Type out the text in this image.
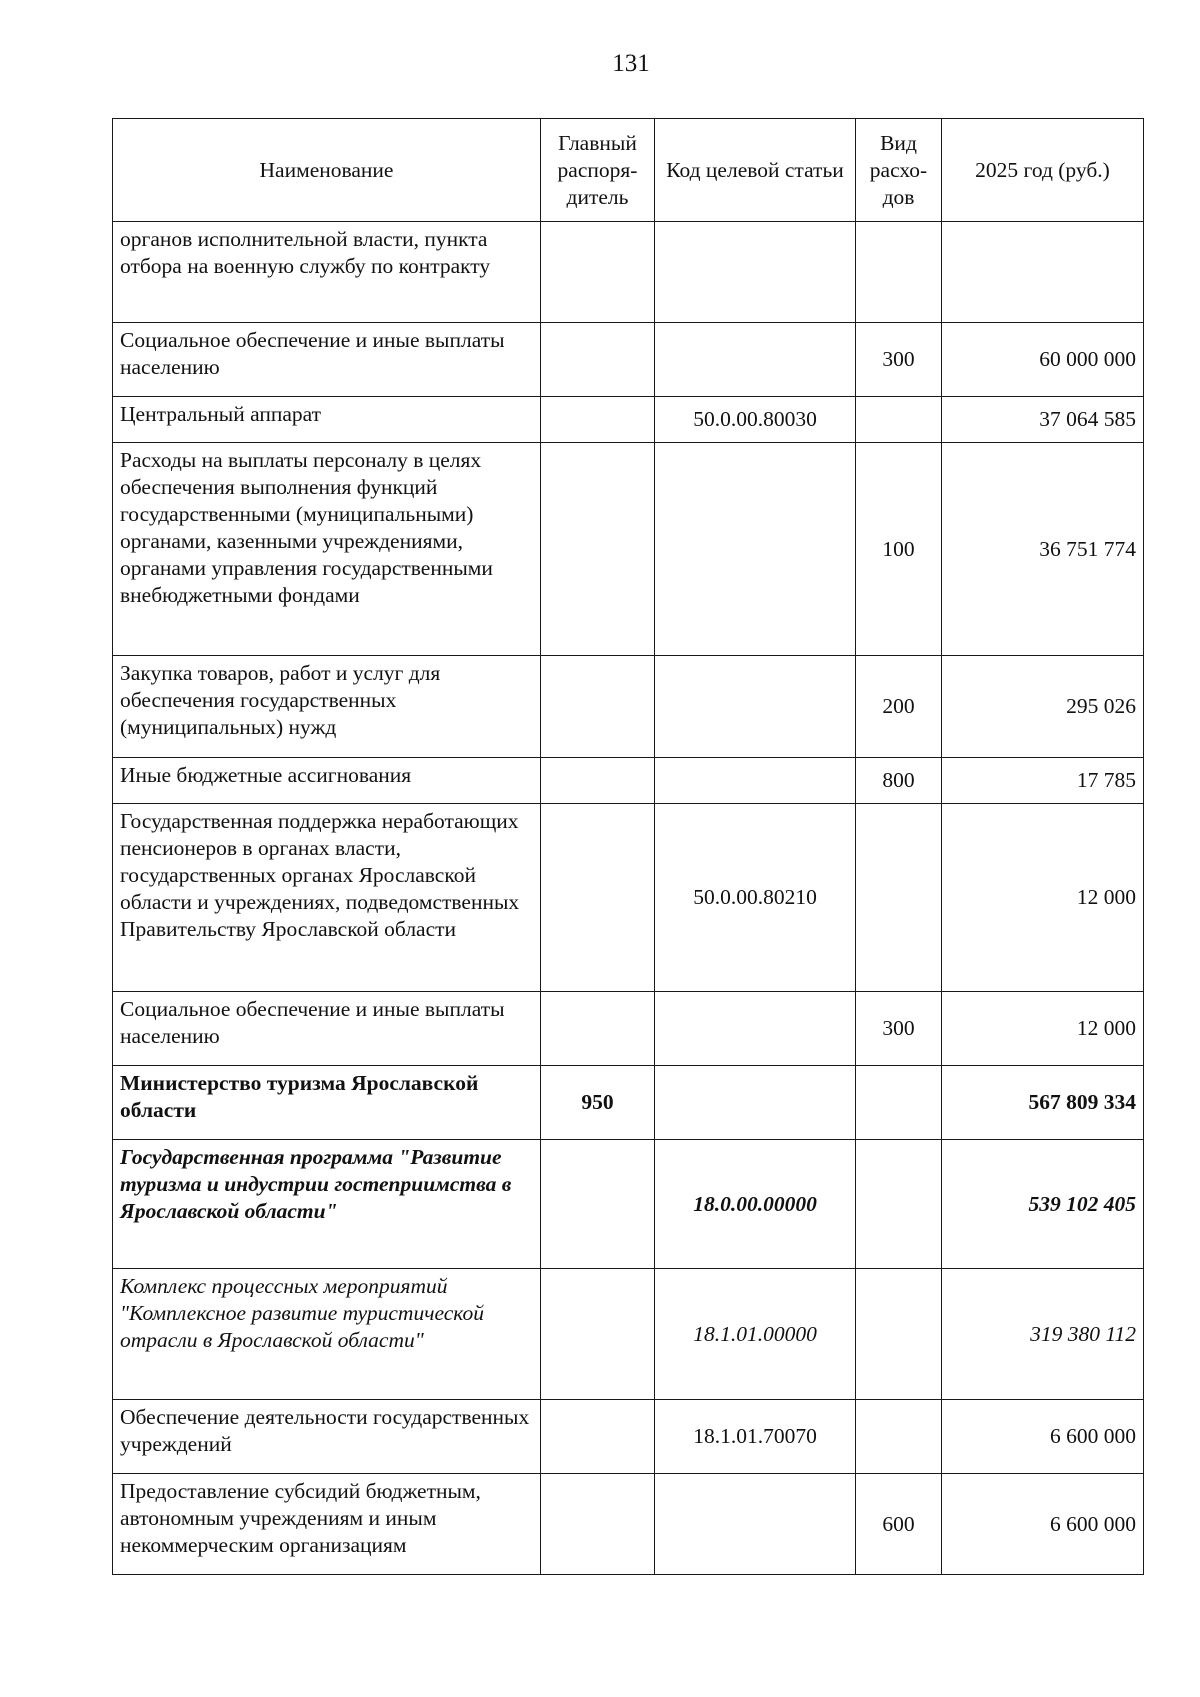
131
Наименование	Главный распоря-дитель	Код целевой статьи	Вид расхо-дов	2025 год (руб.)
органов исполнительной власти, пункта отбора на военную службу по контракту				
Социальное обеспечение и иные выплаты населению			300	60 000 000
Центральный аппарат		50.0.00.80030		37 064 585
Расходы на выплаты персоналу в целях обеспечения выполнения функций государственными (муниципальными) органами, казенными учреждениями, органами управления государственными внебюджетными фондами			100	36 751 774
Закупка товаров, работ и услуг для обеспечения государственных (муниципальных) нужд			200	295 026
Иные бюджетные ассигнования			800	17 785
Государственная поддержка неработающих пенсионеров в органах власти, государственных органах Ярославской области и учреждениях, подведомственных Правительству Ярославской области		50.0.00.80210		12 000
Социальное обеспечение и иные выплаты населению			300	12 000
Министерство туризма Ярославской области	950			567 809 334
Государственная программа "Развитие туризма и индустрии гостеприимства в Ярославской области"		18.0.00.00000		539 102 405
Комплекс процессных мероприятий "Комплексное развитие туристической отрасли в Ярославской области"		18.1.01.00000		319 380 112
Обеспечение деятельности государственных учреждений		18.1.01.70070		6 600 000
Предоставление субсидий бюджетным, автономным учреждениям и иным некоммерческим организациям			600	6 600 000
